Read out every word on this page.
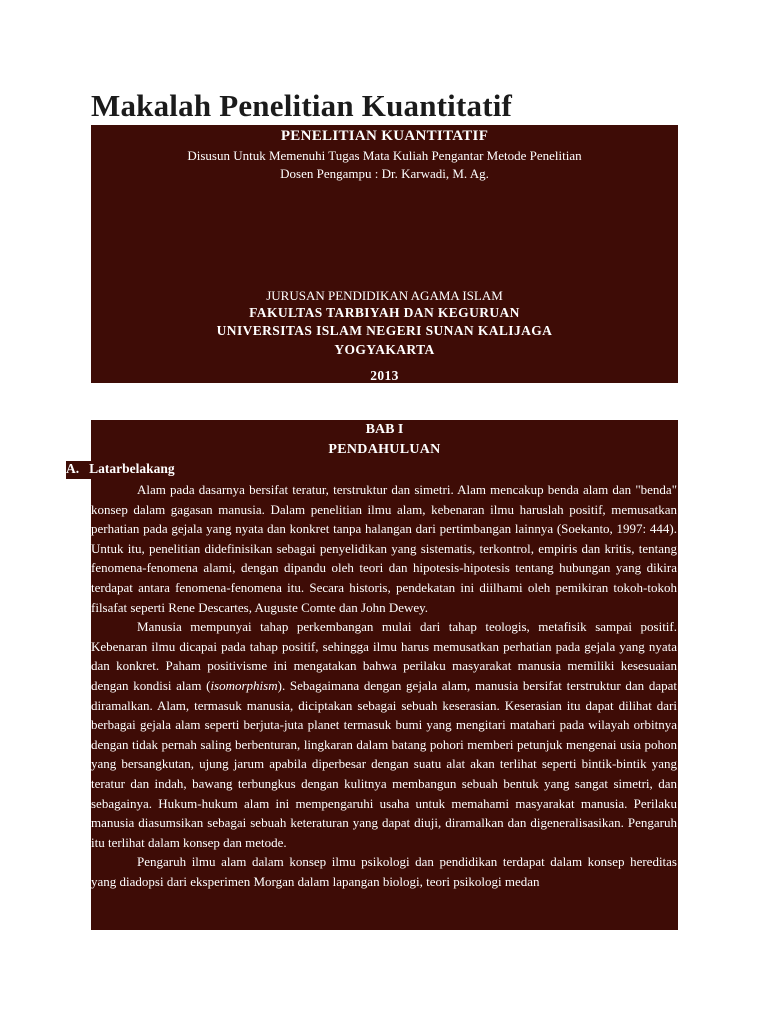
Makalah Penelitian Kuantitatif
PENELITIAN KUANTITATIF
Disusun Untuk Memenuhi Tugas Mata Kuliah Pengantar Metode Penelitian
Dosen Pengampu : Dr. Karwadi, M. Ag.
JURUSAN PENDIDIKAN AGAMA ISLAM
FAKULTAS TARBIYAH DAN KEGURUAN
UNIVERSITAS ISLAM NEGERI SUNAN KALIJAGA
YOGYAKARTA
2013
BAB I
PENDAHULUAN

Alam pada dasarnya bersifat teratur, terstruktur dan simetri. Alam mencakup benda alam dan "benda" konsep dalam gagasan manusia. Dalam penelitian ilmu alam, kebenaran ilmu haruslah positif, memusatkan perhatian pada gejala yang nyata dan konkret tanpa halangan dari pertimbangan lainnya (Soekanto, 1997: 444). Untuk itu, penelitian didefinisikan sebagai penyelidikan yang sistematis, terkontrol, empiris dan kritis, tentang fenomena-fenomena alami, dengan dipandu oleh teori dan hipotesis-hipotesis tentang hubungan yang dikira terdapat antara fenomena-fenomena itu. Secara historis, pendekatan ini diilhami oleh pemikiran tokoh-tokoh filsafat seperti Rene Descartes, Auguste Comte dan John Dewey.

Manusia mempunyai tahap perkembangan mulai dari tahap teologis, metafisik sampai positif. Kebenaran ilmu dicapai pada tahap positif, sehingga ilmu harus memusatkan perhatian pada gejala yang nyata dan konkret. Paham positivisme ini mengatakan bahwa perilaku masyarakat manusia memiliki kesesuaian dengan kondisi alam (isomorphism). Sebagaimana dengan gejala alam, manusia bersifat terstruktur dan dapat diramalkan. Alam, termasuk manusia, diciptakan sebagai sebuah keserasian. Keserasian itu dapat dilihat dari berbagai gejala alam seperti berjuta-juta planet termasuk bumi yang mengitari matahari pada wilayah orbitnya dengan tidak pernah saling berbenturan, lingkaran dalam batang pohori memberi petunjuk mengenai usia pohon yang bersangkutan, ujung jarum apabila diperbesar dengan suatu alat akan terlihat seperti bintik-bintik yang teratur dan indah, bawang terbungkus dengan kulitnya membangun sebuah bentuk yang sangat simetri, dan sebagainya. Hukum-hukum alam ini mempengaruhi usaha untuk memahami masyarakat manusia. Perilaku manusia diasumsikan sebagai sebuah keteraturan yang dapat diuji, diramalkan dan digeneralisasikan. Pengaruh itu terlihat dalam konsep dan metode.

Pengaruh ilmu alam dalam konsep ilmu psikologi dan pendidikan terdapat dalam konsep hereditas yang diadopsi dari eksperimen Morgan dalam lapangan biologi, teori psikologi medan

A. Latarbelakang
